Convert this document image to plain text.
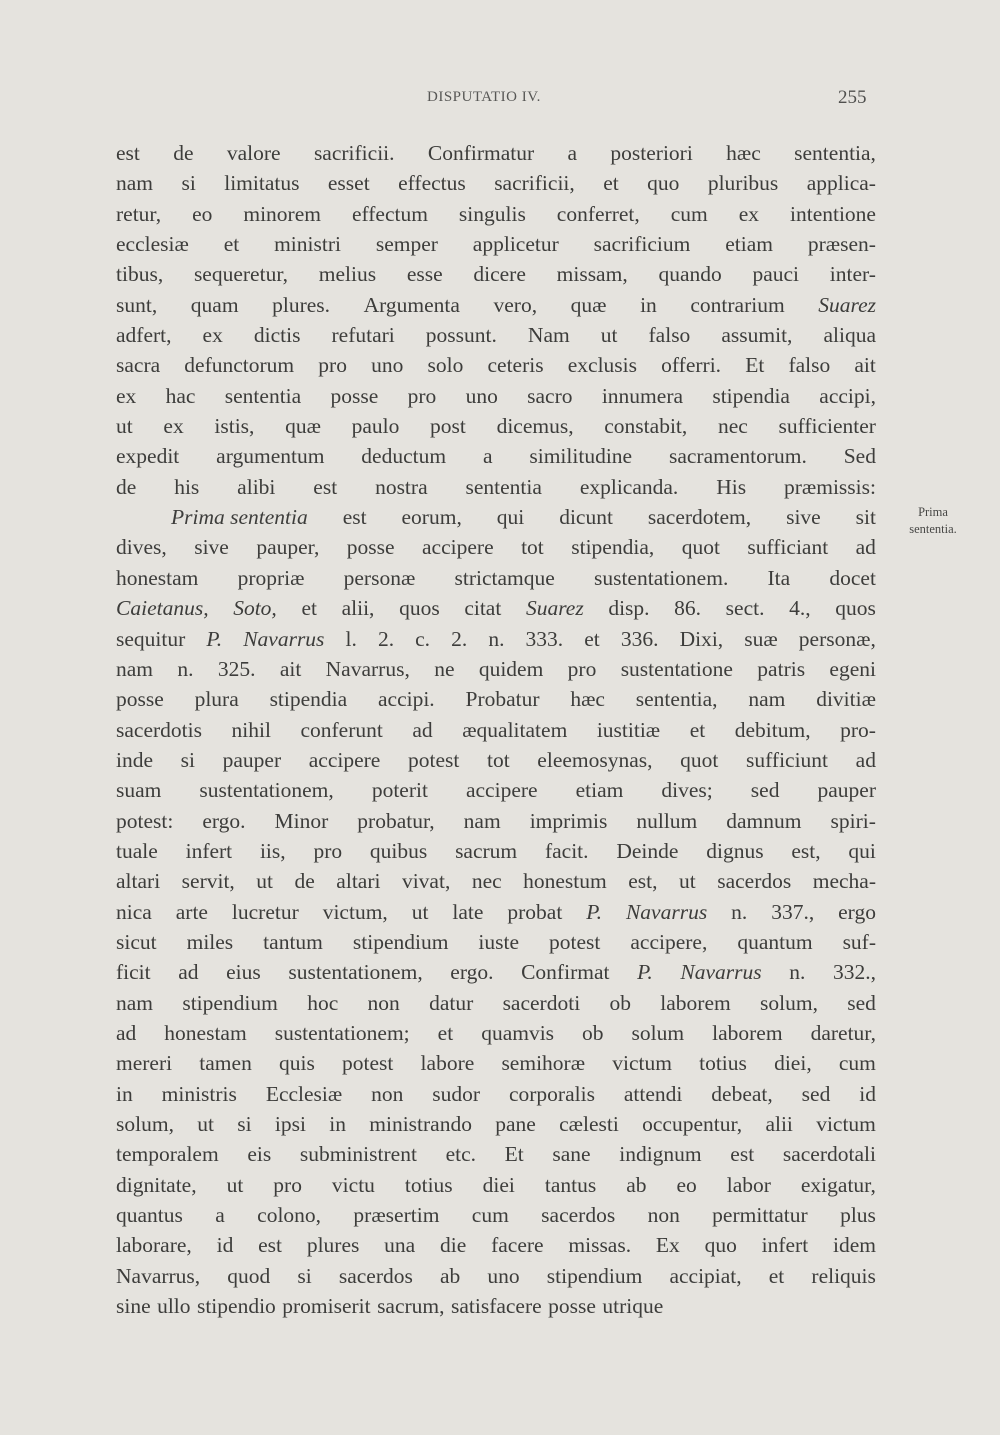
DISPUTATIO IV.	255
est de valore sacrificii. Confirmatur a posteriori hæc sententia,
nam si limitatus esset effectus sacrificii, et quo pluribus applica-
retur, eo minorem effectum singulis conferret, cum ex intentione
ecclesiæ et ministri semper applicetur sacrificium etiam præsen-
tibus, sequeretur, melius esse dicere missam, quando pauci inter-
sunt, quam plures. Argumenta vero, quæ in contrarium Suarez
adfert, ex dictis refutari possunt. Nam ut falso assumit, aliqua
sacra defunctorum pro uno solo ceteris exclusis offerri. Et falso ait
ex hac sententia posse pro uno sacro innumera stipendia accipi,
ut ex istis, quæ paulo post dicemus, constabit, nec sufficienter
expedit argumentum deductum a similitudine sacramentorum. Sed
de his alibi est nostra sententia explicanda. His præmissis:
Prima sententia est eorum, qui dicunt sacerdotem, sive sit
dives, sive pauper, posse accipere tot stipendia, quot sufficiant ad
honestam propriæ personæ strictamque sustentationem. Ita docet
Caietanus, Soto, et alii, quos citat Suarez disp. 86. sect. 4., quos
sequitur P. Navarrus l. 2. c. 2. n. 333. et 336. Dixi, suæ personæ,
nam n. 325. ait Navarrus, ne quidem pro sustentatione patris egeni
posse plura stipendia accipi. Probatur hæc sententia, nam divitiæ
sacerdotis nihil conferunt ad æqualitatem iustitiæ et debitum, pro-
inde si pauper accipere potest tot eleemosynas, quot sufficiunt ad
suam sustentationem, poterit accipere etiam dives; sed pauper
potest: ergo. Minor probatur, nam imprimis nullum damnum spiri-
tuale infert iis, pro quibus sacrum facit. Deinde dignus est, qui
altari servit, ut de altari vivat, nec honestum est, ut sacerdos mecha-
nica arte lucretur victum, ut late probat P. Navarrus n. 337., ergo
sicut miles tantum stipendium iuste potest accipere, quantum suf-
ficit ad eius sustentationem, ergo. Confirmat P. Navarrus n. 332.,
nam stipendium hoc non datur sacerdoti ob laborem solum, sed
ad honestam sustentationem; et quamvis ob solum laborem daretur,
mereri tamen quis potest labore semihoræ victum totius diei, cum
in ministris Ecclesiæ non sudor corporalis attendi debeat, sed id
solum, ut si ipsi in ministrando pane cælesti occupentur, alii victum
temporalem eis subministrent etc. Et sane indignum est sacerdotali
dignitate, ut pro victu totius diei tantus ab eo labor exigatur,
quantus a colono, præsertim cum sacerdos non permittatur plus
laborare, id est plures una die facere missas. Ex quo infert idem
Navarrus, quod si sacerdos ab uno stipendium accipiat, et reliquis
sine ullo stipendio promiserit sacrum, satisfacere posse utrique
Prima
sententia.
